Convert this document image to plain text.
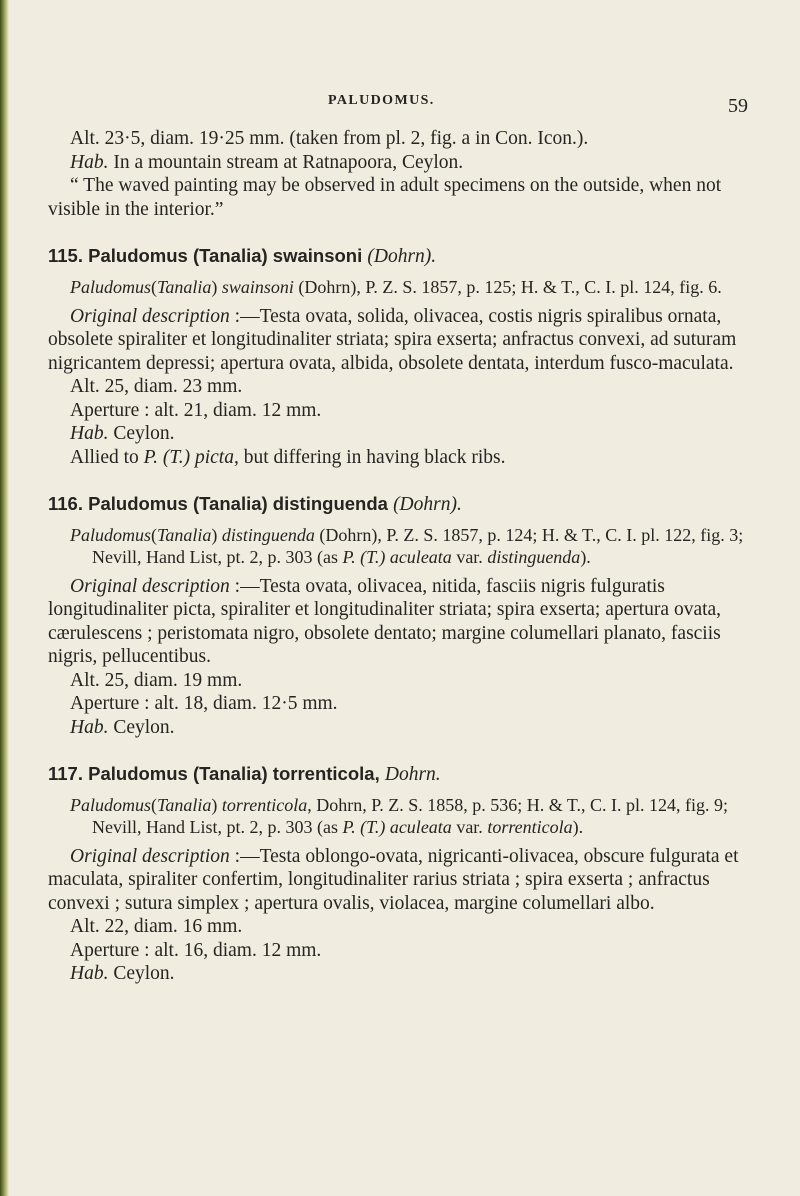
PALUDOMUS.	59

Alt. 23·5, diam. 19·25 mm. (taken from pl. 2, fig. a in Con. Icon.).

Hab. In a mountain stream at Ratnapoora, Ceylon.

“ The waved painting may be observed in adult specimens on the outside, when not visible in the interior.”

115. Paludomus (Tanalia) swainsoni (Dohrn).

Paludomus(Tanalia) swainsoni (Dohrn), P. Z. S. 1857, p. 125; H. & T., C. I. pl. 124, fig. 6.

Original description :—Testa ovata, solida, olivacea, costis nigris spiralibus ornata, obsolete spiraliter et longitudinaliter striata; spira exserta; anfractus convexi, ad suturam nigricantem depressi; apertura ovata, albida, obsolete dentata, interdum fusco-maculata.

Alt. 25, diam. 23 mm.

Aperture : alt. 21, diam. 12 mm.

Hab. Ceylon.

Allied to P. (T.) picta, but differing in having black ribs.

116. Paludomus (Tanalia) distinguenda (Dohrn).

Paludomus(Tanalia) distinguenda (Dohrn), P. Z. S. 1857, p. 124; H. & T., C. I. pl. 122, fig. 3; Nevill, Hand List, pt. 2, p. 303 (as P. (T.) aculeata var. distinguenda).

Original description :—Testa ovata, olivacea, nitida, fasciis nigris fulguratis longitudinaliter picta, spiraliter et longitudinaliter striata; spira exserta; apertura ovata, cærulescens ; peristomata nigro, obsolete dentato; margine columellari planato, fasciis nigris, pellucentibus.

Alt. 25, diam. 19 mm.

Aperture : alt. 18, diam. 12·5 mm.

Hab. Ceylon.

117. Paludomus (Tanalia) torrenticola, Dohrn.

Paludomus(Tanalia) torrenticola, Dohrn, P. Z. S. 1858, p. 536; H. & T., C. I. pl. 124, fig. 9; Nevill, Hand List, pt. 2, p. 303 (as P. (T.) aculeata var. torrenticola).

Original description :—Testa oblongo-ovata, nigricanti-olivacea, obscure fulgurata et maculata, spiraliter confertim, longitudinaliter rarius striata ; spira exserta ; anfractus convexi ; sutura simplex ; apertura ovalis, violacea, margine columellari albo.

Alt. 22, diam. 16 mm.

Aperture : alt. 16, diam. 12 mm.

Hab. Ceylon.
